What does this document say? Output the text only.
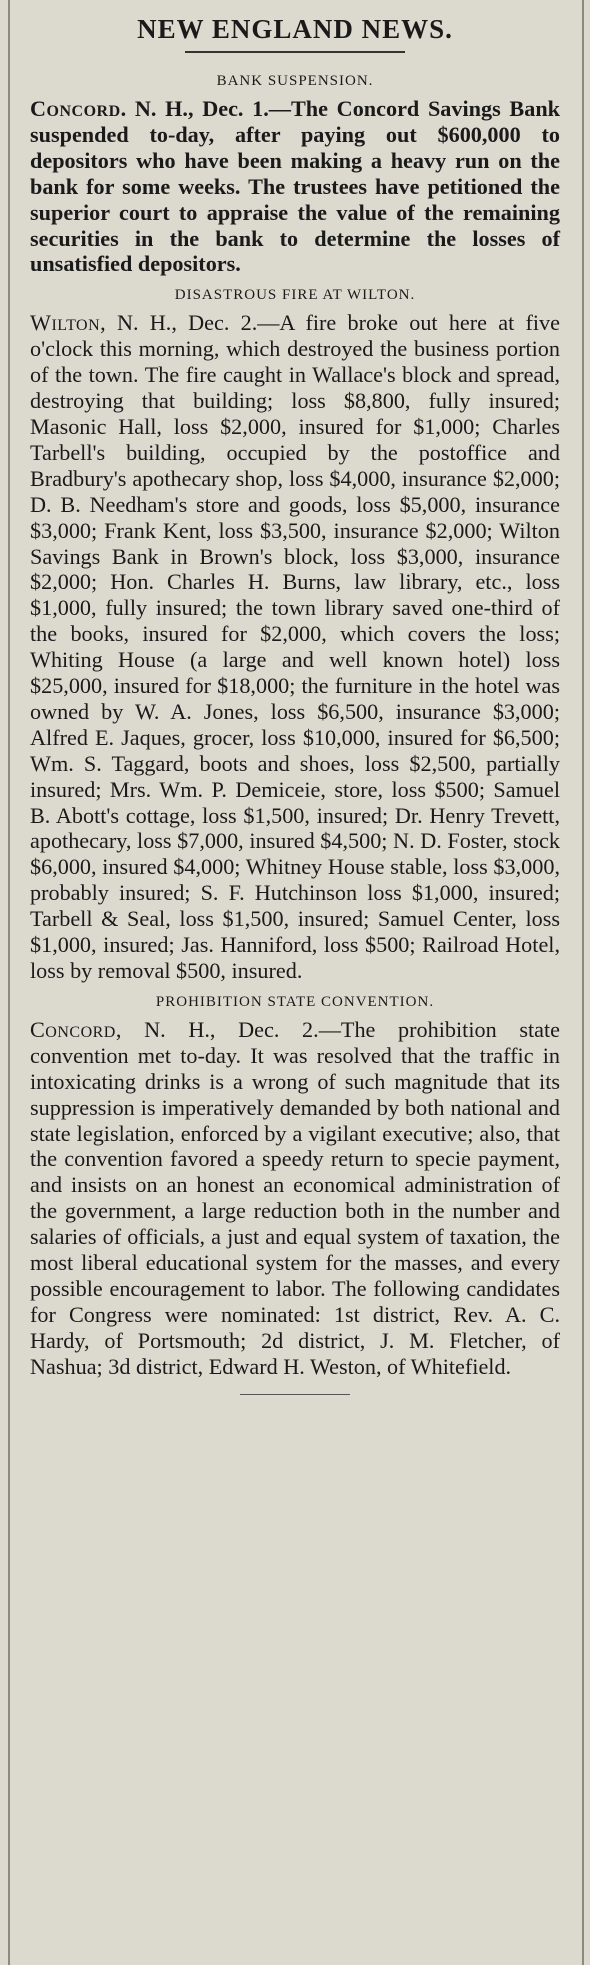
NEW ENGLAND NEWS.
BANK SUSPENSION.

Concord. N. H., Dec. 1.—The Concord Savings Bank suspended to-day, after paying out $600,000 to depositors who have been making a heavy run on the bank for some weeks. The trustees have petitioned the superior court to appraise the value of the remaining securities in the bank to determine the losses of unsatisfied depositors.

DISASTROUS FIRE AT WILTON.

Wilton, N. H., Dec. 2.—A fire broke out here at five o'clock this morning, which destroyed the business portion of the town. The fire caught in Wallace's block and spread, destroying that building; loss $8,800, fully insured; Masonic Hall, loss $2,000, insured for $1,000; Charles Tarbell's building, occupied by the postoffice and Bradbury's apothecary shop, loss $4,000, insurance $2,000; D. B. Needham's store and goods, loss $5,000, insurance $3,000; Frank Kent, loss $3,500, insurance $2,000; Wilton Savings Bank in Brown's block, loss $3,000, insurance $2,000; Hon. Charles H. Burns, law library, etc., loss $1,000, fully insured; the town library saved one-third of the books, insured for $2,000, which covers the loss; Whiting House (a large and well known hotel) loss $25,000, insured for $18,000; the furniture in the hotel was owned by W. A. Jones, loss $6,500, insurance $3,000; Alfred E. Jaques, grocer, loss $10,000, insured for $6,500; Wm. S. Taggard, boots and shoes, loss $2,500, partially insured; Mrs. Wm. P. Demiceie, store, loss $500; Samuel B. Abott's cottage, loss $1,500, insured; Dr. Henry Trevett, apothecary, loss $7,000, insured $4,500; N. D. Foster, stock $6,000, insured $4,000; Whitney House stable, loss $3,000, probably insured; S. F. Hutchinson loss $1,000, insured; Tarbell & Seal, loss $1,500, insured; Samuel Center, loss $1,000, insured; Jas. Hanniford, loss $500; Railroad Hotel, loss by removal $500, insured.

PROHIBITION STATE CONVENTION.

Concord, N. H., Dec. 2.—The prohibition state convention met to-day. It was resolved that the traffic in intoxicating drinks is a wrong of such magnitude that its suppression is imperatively demanded by both national and state legislation, enforced by a vigilant executive; also, that the convention favored a speedy return to specie payment, and insists on an honest an economical administration of the government, a large reduction both in the number and salaries of officials, a just and equal system of taxation, the most liberal educational system for the masses, and every possible encouragement to labor. The following candidates for Congress were nominated: 1st district, Rev. A. C. Hardy, of Portsmouth; 2d district, J. M. Fletcher, of Nashua; 3d district, Edward H. Weston, of Whitefield.
